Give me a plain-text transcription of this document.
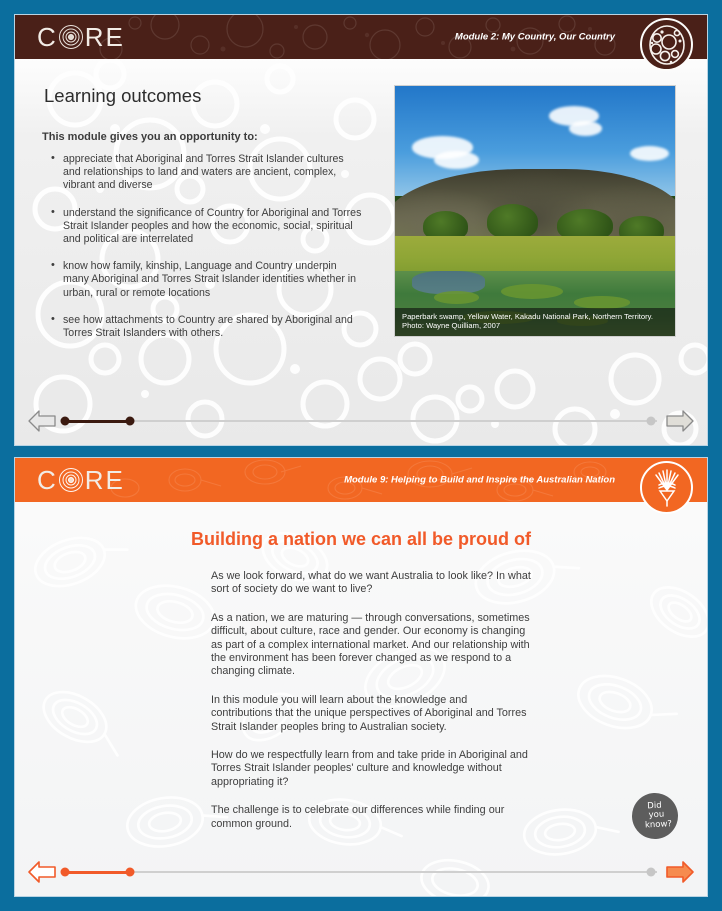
C RE	Module 2: My Country, Our Country
Learning outcomes
This module gives you an opportunity to:
• appreciate that Aboriginal and Torres Strait Islander cultures and relationships to land and waters are ancient, complex, vibrant and diverse
• understand the significance of Country for Aboriginal and Torres Strait Islander peoples and how the economic, social, spiritual and political are interrelated
• know how family, kinship, Language and Country underpin many Aboriginal and Torres Strait Islander identities whether in urban, rural or remote locations
• see how attachments to Country are shared by Aboriginal and Torres Strait Islanders with others.
Paperbark swamp, Yellow Water, Kakadu National Park, Northern Territory.
Photo: Wayne Quilliam, 2007
C RE	Module 9: Helping to Build and Inspire the Australian Nation
Building a nation we can all be proud of

As we look forward, what do we want Australia to look like? In what sort of society do we want to live?

As a nation, we are maturing — through conversations, sometimes difficult, about culture, race and gender. Our economy is changing as part of a complex international market. And our relationship with the environment has been forever changed as we respond to a changing climate.

In this module you will learn about the knowledge and contributions that the unique perspectives of Aboriginal and Torres Strait Islander peoples bring to Australian society.

How do we respectfully learn from and take pride in Aboriginal and Torres Strait Islander peoples' culture and knowledge without appropriating it?

The challenge is to celebrate our differences while finding our common ground.

Did
you
know?
